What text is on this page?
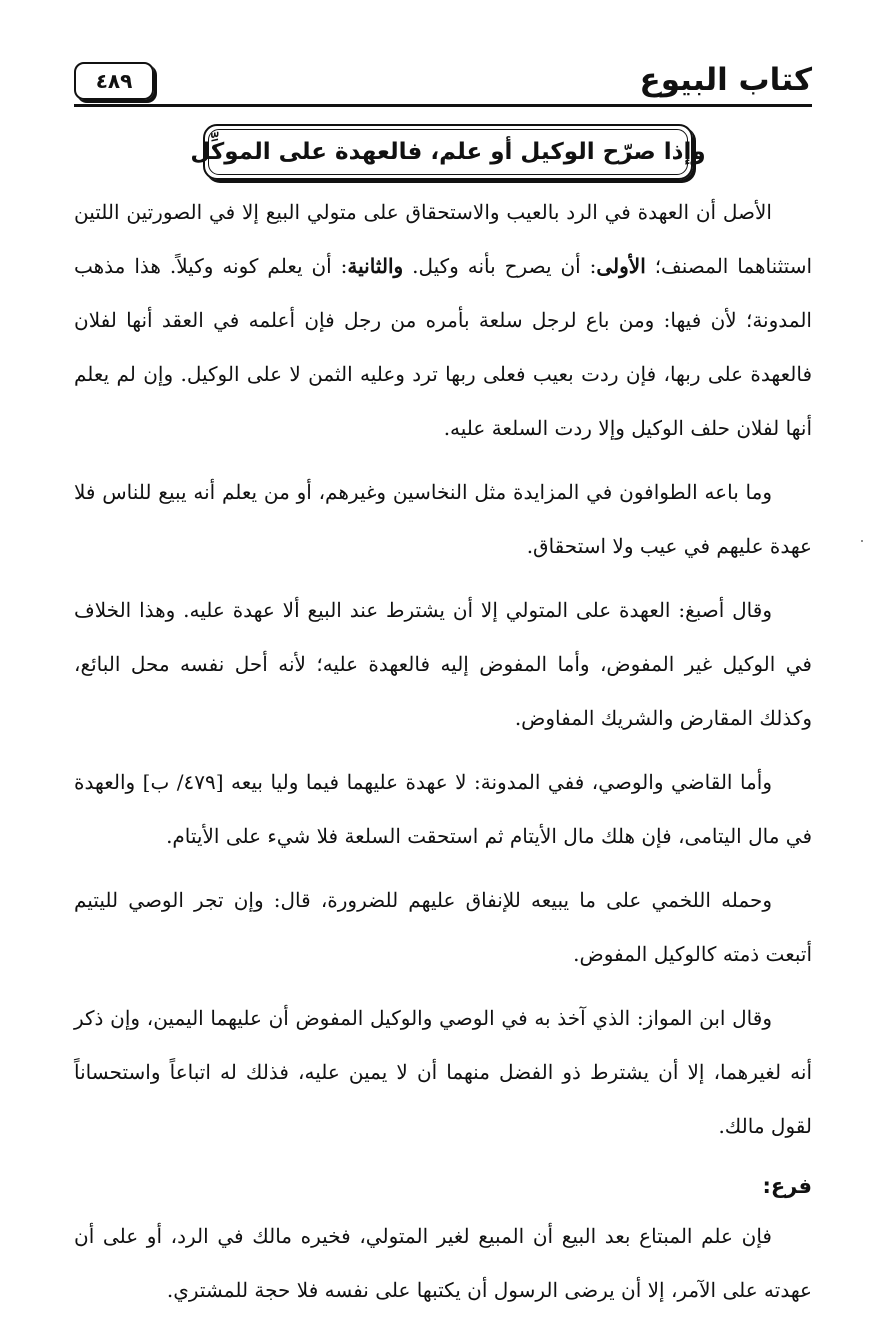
كتاب البيوع
٤٨٩
وإذا صرّح الوكيل أو علم، فالعهدة على الموكِّل

الأصل أن العهدة في الرد بالعيب والاستحقاق على متولي البيع إلا في الصورتين اللتين استثناهما المصنف؛ الأولى: أن يصرح بأنه وكيل. والثانية: أن يعلم كونه وكيلاً. هذا مذهب المدونة؛ لأن فيها: ومن باع لرجل سلعة بأمره من رجل فإن أعلمه في العقد أنها لفلان فالعهدة على ربها، فإن ردت بعيب فعلى ربها ترد وعليه الثمن لا على الوكيل. وإن لم يعلم أنها لفلان حلف الوكيل وإلا ردت السلعة عليه.

وما باعه الطوافون في المزايدة مثل النخاسين وغيرهم، أو من يعلم أنه يبيع للناس فلا عهدة عليهم في عيب ولا استحقاق.

وقال أصبغ: العهدة على المتولي إلا أن يشترط عند البيع ألا عهدة عليه. وهذا الخلاف في الوكيل غير المفوض، وأما المفوض إليه فالعهدة عليه؛ لأنه أحل نفسه محل البائع، وكذلك المقارض والشريك المفاوض.

وأما القاضي والوصي، ففي المدونة: لا عهدة عليهما فيما وليا بيعه [٤٧٩/ ب] والعهدة في مال اليتامى، فإن هلك مال الأيتام ثم استحقت السلعة فلا شيء على الأيتام.

وحمله اللخمي على ما يبيعه للإنفاق عليهم للضرورة، قال: وإن تجر الوصي لليتيم أتبعت ذمته كالوكيل المفوض.

وقال ابن المواز: الذي آخذ به في الوصي والوكيل المفوض أن عليهما اليمين، وإن ذكر أنه لغيرهما، إلا أن يشترط ذو الفضل منهما أن لا يمين عليه، فذلك له اتباعاً واستحساناً لقول مالك.

فرع:

فإن علم المبتاع بعد البيع أن المبيع لغير المتولي، فخيره مالك في الرد، أو على أن عهدته على الآمر، إلا أن يرضى الرسول أن يكتبها على نفسه فلا حجة للمشتري.
